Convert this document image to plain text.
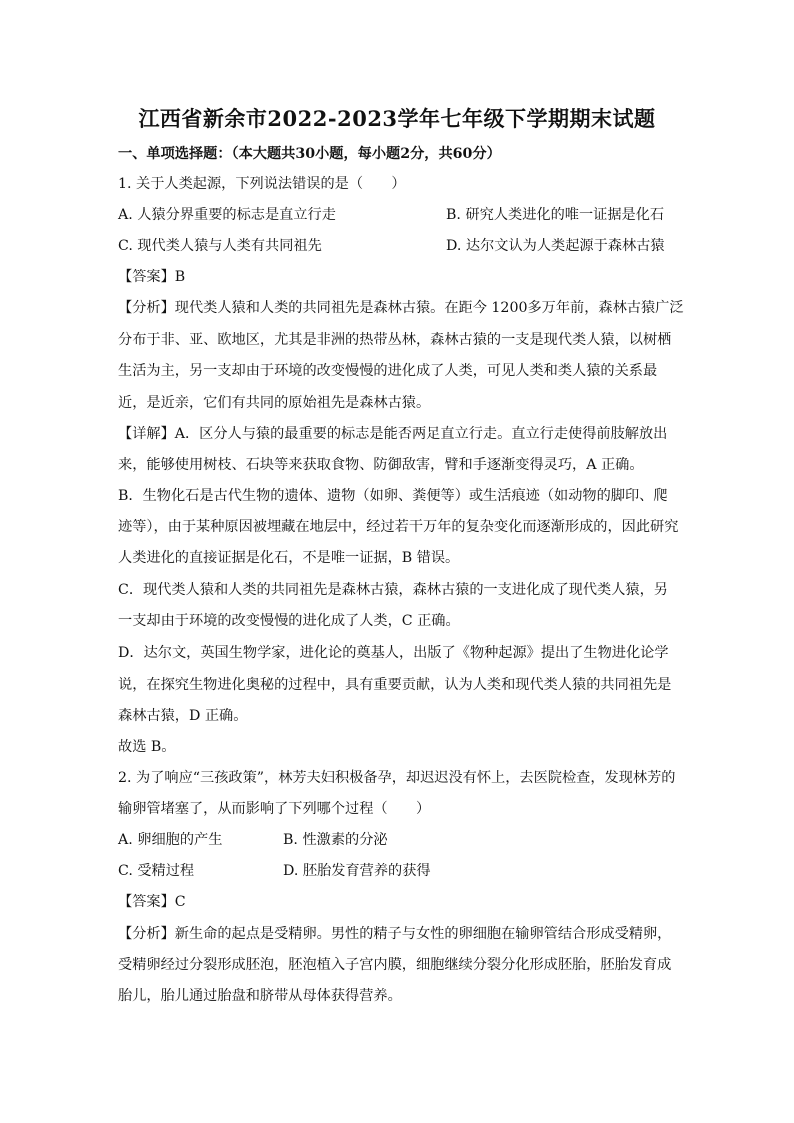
江西省新余市2022-2023学年七年级下学期期末试题
一、单项选择题：（本大题共30小题，每小题2分，共60分）
1. 关于人类起源，下列说法错误的是（　　）
A. 人猿分界重要的标志是直立行走	B. 研究人类进化的唯一证据是化石
C. 现代类人猿与人类有共同祖先	D. 达尔文认为人类起源于森林古猿
【答案】B
【分析】现代类人猿和人类的共同祖先是森林古猿。在距今 1200多万年前，森林古猿广泛
分布于非、亚、欧地区，尤其是非洲的热带丛林，森林古猿的一支是现代类人猿，以树栖
生活为主，另一支却由于环境的改变慢慢的进化成了人类，可见人类和类人猿的关系最
近，是近亲，它们有共同的原始祖先是森林古猿。
【详解】A．区分人与猿的最重要的标志是能否两足直立行走。直立行走使得前肢解放出
来，能够使用树枝、石块等来获取食物、防御敌害，臂和手逐渐变得灵巧，A 正确。
B．生物化石是古代生物的遗体、遗物（如卵、粪便等）或生活痕迹（如动物的脚印、爬
迹等），由于某种原因被埋藏在地层中，经过若干万年的复杂变化而逐渐形成的，因此研究
人类进化的直接证据是化石，不是唯一证据，B 错误。
C．现代类人猿和人类的共同祖先是森林古猿，森林古猿的一支进化成了现代类人猿，另
一支却由于环境的改变慢慢的进化成了人类，C 正确。
D．达尔文，英国生物学家，进化论的奠基人，出版了《物种起源》提出了生物进化论学
说，在探究生物进化奥秘的过程中，具有重要贡献，认为人类和现代类人猿的共同祖先是
森林古猿，D 正确。
故选 B。
2. 为了响应“三孩政策”，林芳夫妇积极备孕，却迟迟没有怀上，去医院检查，发现林芳的
输卵管堵塞了，从而影响了下列哪个过程（　　）
A. 卵细胞的产生	B. 性激素的分泌
C. 受精过程	D. 胚胎发育营养的获得
【答案】C
【分析】新生命的起点是受精卵。男性的精子与女性的卵细胞在输卵管结合形成受精卵，
受精卵经过分裂形成胚泡，胚泡植入子宫内膜，细胞继续分裂分化形成胚胎，胚胎发育成
胎儿，胎儿通过胎盘和脐带从母体获得营养。
